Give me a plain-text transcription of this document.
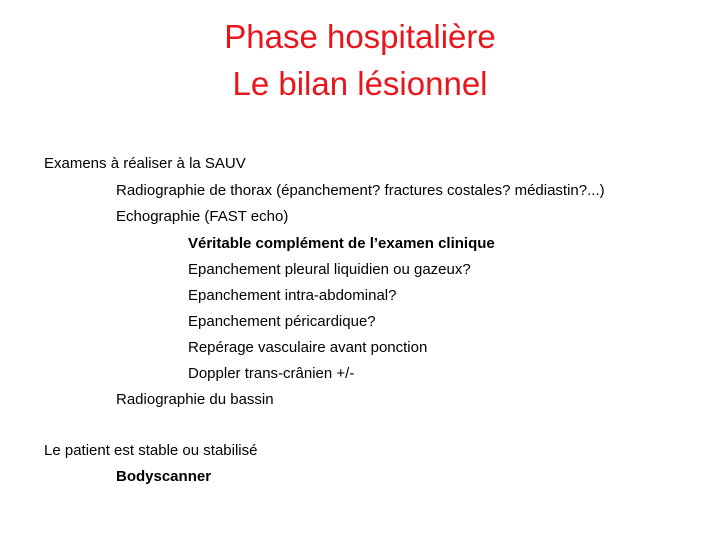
Phase hospitalière
Le bilan lésionnel
Examens à réaliser à la SAUV
Radiographie de thorax (épanchement? fractures costales? médiastin?...)
Echographie (FAST echo)
Véritable complément de l’examen clinique
Epanchement pleural liquidien ou gazeux?
Epanchement intra-abdominal?
Epanchement péricardique?
Repérage vasculaire avant ponction
Doppler trans-crânien +/-
Radiographie du bassin
Le patient est stable ou stabilisé
Bodyscanner
